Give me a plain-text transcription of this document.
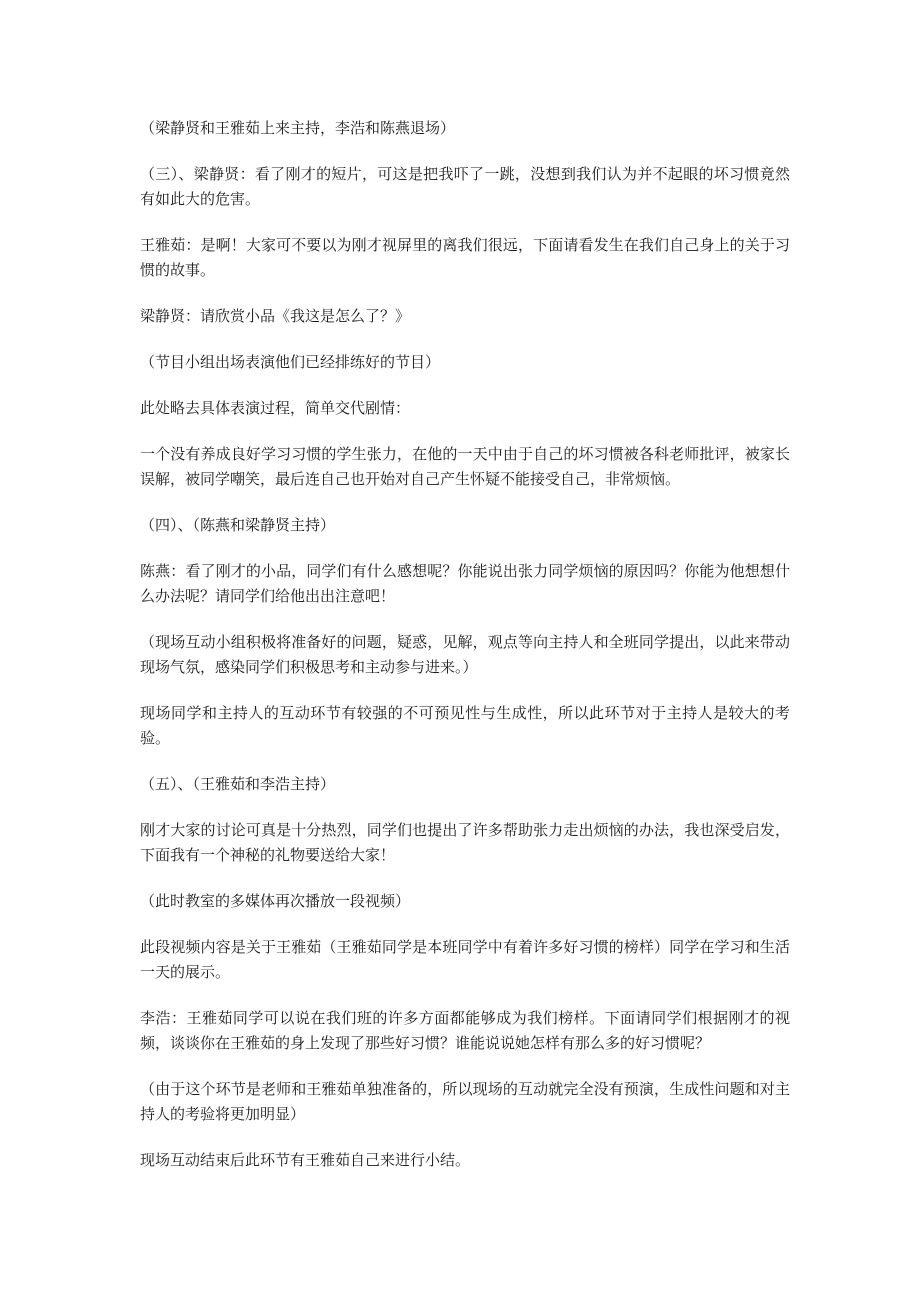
（梁静贤和王雅茹上来主持，李浩和陈燕退场）

（三）、梁静贤：看了刚才的短片，可这是把我吓了一跳，没想到我们认为并不起眼的坏习惯竟然有如此大的危害。

王雅茹：是啊！大家可不要以为刚才视屏里的离我们很远，下面请看发生在我们自己身上的关于习惯的故事。

梁静贤：请欣赏小品《我这是怎么了？》

（节目小组出场表演他们已经排练好的节目）

此处略去具体表演过程，简单交代剧情：

一个没有养成良好学习习惯的学生张力，在他的一天中由于自己的坏习惯被各科老师批评，被家长误解，被同学嘲笑，最后连自己也开始对自己产生怀疑不能接受自己，非常烦恼。

（四）、（陈燕和梁静贤主持）

陈燕：看了刚才的小品，同学们有什么感想呢？你能说出张力同学烦恼的原因吗？你能为他想想什么办法呢？请同学们给他出出注意吧！

（现场互动小组积极将准备好的问题，疑惑，见解，观点等向主持人和全班同学提出，以此来带动现场气氛，感染同学们积极思考和主动参与进来。）

现场同学和主持人的互动环节有较强的不可预见性与生成性，所以此环节对于主持人是较大的考验。

（五）、（王雅茹和李浩主持）

刚才大家的讨论可真是十分热烈，同学们也提出了许多帮助张力走出烦恼的办法，我也深受启发，下面我有一个神秘的礼物要送给大家！

（此时教室的多媒体再次播放一段视频）

此段视频内容是关于王雅茹（王雅茹同学是本班同学中有着许多好习惯的榜样）同学在学习和生活一天的展示。

李浩：王雅茹同学可以说在我们班的许多方面都能够成为我们榜样。下面请同学们根据刚才的视频，谈谈你在王雅茹的身上发现了那些好习惯？谁能说说她怎样有那么多的好习惯呢？

（由于这个环节是老师和王雅茹单独准备的，所以现场的互动就完全没有预演，生成性问题和对主持人的考验将更加明显）

现场互动结束后此环节有王雅茹自己来进行小结。
